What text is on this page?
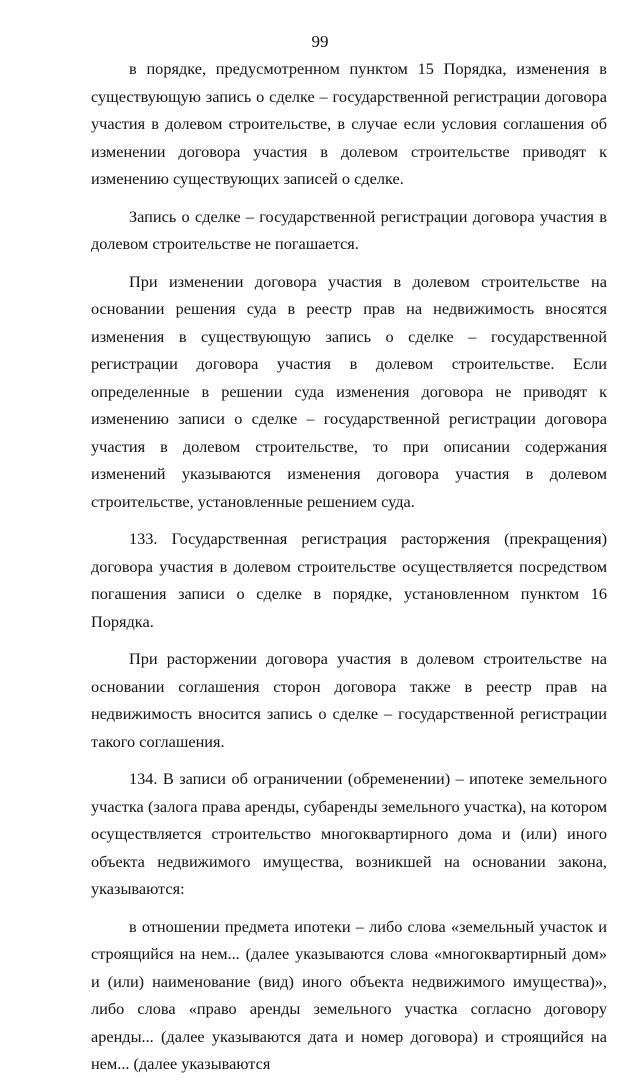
99

в порядке, предусмотренном пунктом 15 Порядка, изменения в существующую запись о сделке – государственной регистрации договора участия в долевом строительстве, в случае если условия соглашения об изменении договора участия в долевом строительстве приводят к изменению существующих записей о сделке.

Запись о сделке – государственной регистрации договора участия в долевом строительстве не погашается.

При изменении договора участия в долевом строительстве на основании решения суда в реестр прав на недвижимость вносятся изменения в существующую запись о сделке – государственной регистрации договора участия в долевом строительстве. Если определенные в решении суда изменения договора не приводят к изменению записи о сделке – государственной регистрации договора участия в долевом строительстве, то при описании содержания изменений указываются изменения договора участия в долевом строительстве, установленные решением суда.

133. Государственная регистрация расторжения (прекращения) договора участия в долевом строительстве осуществляется посредством погашения записи о сделке в порядке, установленном пунктом 16 Порядка.

При расторжении договора участия в долевом строительстве на основании соглашения сторон договора также в реестр прав на недвижимость вносится запись о сделке – государственной регистрации такого соглашения.

134. В записи об ограничении (обременении) – ипотеке земельного участка (залога права аренды, субаренды земельного участка), на котором осуществляется строительство многоквартирного дома и (или) иного объекта недвижимого имущества, возникшей на основании закона, указываются:

в отношении предмета ипотеки – либо слова «земельный участок и строящийся на нем... (далее указываются слова «многоквартирный дом» и (или) наименование (вид) иного объекта недвижимого имущества)», либо слова «право аренды земельного участка согласно договору аренды... (далее указываются дата и номер договора) и строящийся на нем... (далее указываются
